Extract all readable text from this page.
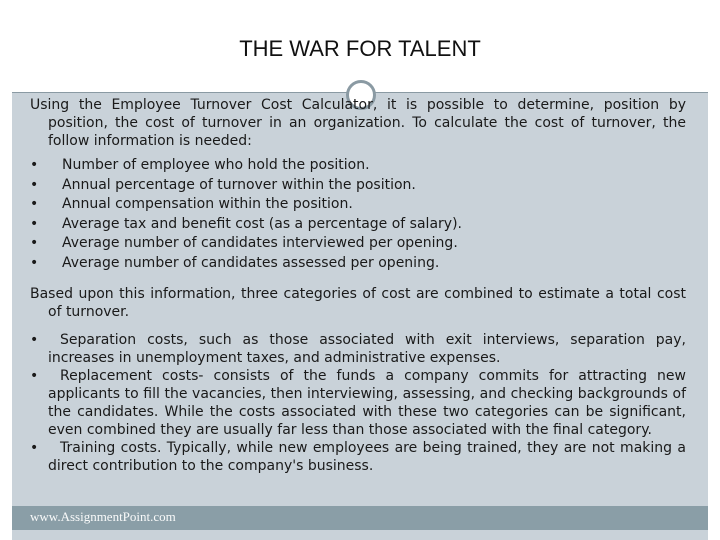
THE WAR FOR TALENT

Using the Employee Turnover Cost Calculator, it is possible to determine, position by position, the cost of turnover in an organization. To calculate the cost of turnover, the follow information is needed:

• Number of employee who hold the position.
• Annual percentage of turnover within the position.
• Annual compensation within the position.
• Average tax and benefit cost (as a percentage of salary).
• Average number of candidates interviewed per opening.
• Average number of candidates assessed per opening.

Based upon this information, three categories of cost are combined to estimate a total cost of turnover.

•	Separation costs, such as those associated with exit interviews, separation pay, increases in unemployment taxes, and administrative expenses.
•	Replacement costs- consists of the funds a company commits for attracting new applicants to fill the vacancies, then interviewing, assessing, and checking backgrounds of the candidates. While the costs associated with these two categories can be significant, even combined they are usually far less than those associated with the final category.
•	Training costs. Typically, while new employees are being trained, they are not making a direct contribution to the company's business.
www.AssignmentPoint.com
